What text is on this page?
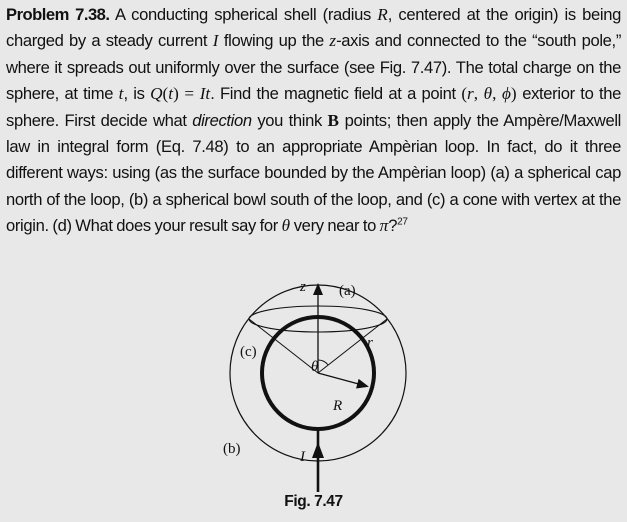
Problem 7.38. A conducting spherical shell (radius R, centered at the origin) is being charged by a steady current I flowing up the z-axis and connected to the “south pole,” where it spreads out uniformly over the surface (see Fig. 7.47). The total charge on the sphere, at time t, is Q(t) = It. Find the magnetic field at a point (r, θ, ϕ) exterior to the sphere. First decide what direction you think B points; then apply the Ampère/Maxwell law in integral form (Eq. 7.48) to an appropriate Ampèrian loop. In fact, do it three different ways: using (as the surface bounded by the Ampèrian loop) (a) a spherical cap north of the loop, (b) a spherical bowl south of the loop, and (c) a cone with vertex at the origin. (d) What does your result say for θ very near to π?$^{27}$
z (a)
r
(c)
θ
R
(b)	I
Fig. 7.47
